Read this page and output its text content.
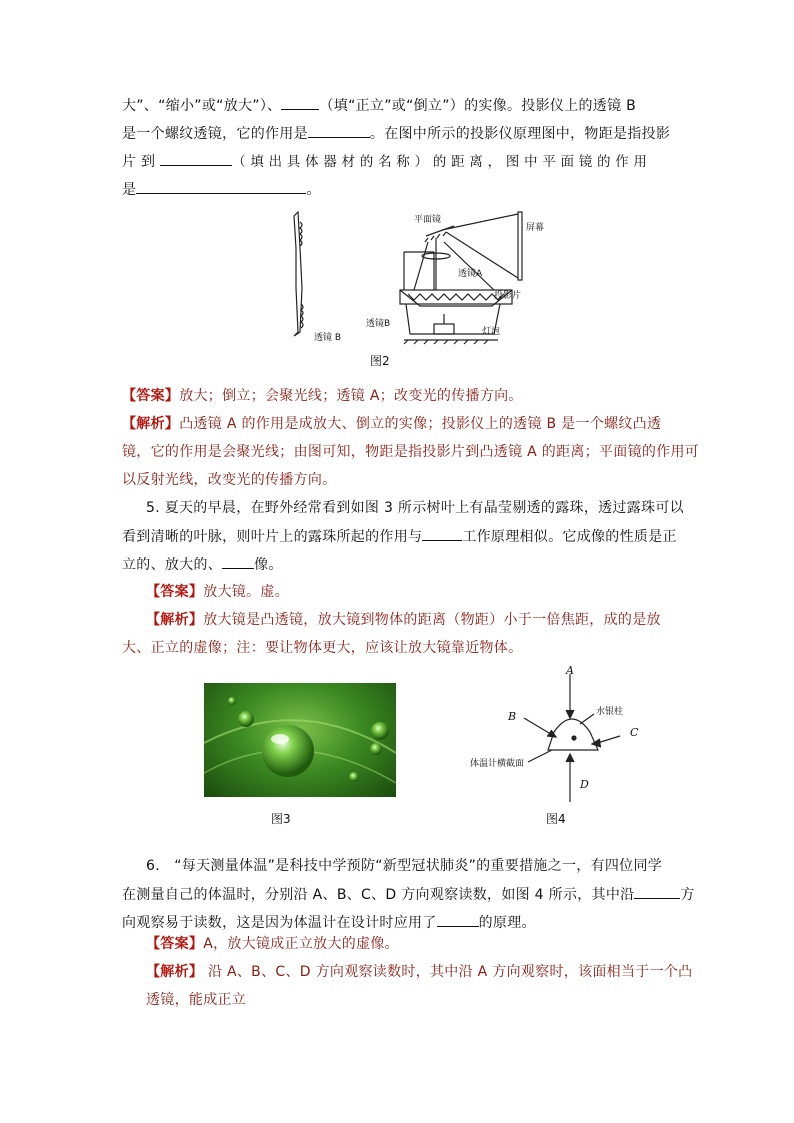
大”、“缩小”或“放大”）、	（填“正立”或“倒立”）的实像。投影仪上的透镜 B
是一个螺纹透镜，它的作用是	。在图中所示的投影仪原理图中，物距是指投影
片 到	（ 填 出 具 体 器 材 的 名 称 ） 的 距 离 ， 图 中 平 面 镜 的 作 用
是	。
透镜 B
平面镜
屏幕
透镜A
投影片
透镜B
灯泡
图2
【答案】放大；倒立；会聚光线；透镜 A；改变光的传播方向。
【解析】凸透镜 A 的作用是成放大、倒立的实像；投影仪上的透镜 B 是一个螺纹凸透
镜，它的作用是会聚光线；由图可知，物距是指投影片到凸透镜 A 的距离；平面镜的作用可
以反射光线，改变光的传播方向。
5. 夏天的早晨，在野外经常看到如图 3 所示树叶上有晶莹剔透的露珠，透过露珠可以
看到清晰的叶脉，则叶片上的露珠所起的作用与	工作原理相似。它成像的性质是正
立的、放大的、 像。
【答案】放大镜。虚。
【解析】放大镜是凸透镜，放大镜到物体的距离（物距）小于一倍焦距，成的是放
大、正立的虚像；注：要让物体更大，应该让放大镜靠近物体。
图3
A
B
C
D
水银柱
体温计横截面
图4
6． “每天测量体温”是科技中学预防“新型冠状肺炎”的重要措施之一，有四位同学
在测量自己的体温时，分别沿 A、B、C、D 方向观察读数，如图 4 所示，其中沿	方
向观察易于读数，这是因为体温计在设计时应用了	的原理。
【答案】A，放大镜成正立放大的虚像。
【解析】 沿 A、B、C、D 方向观察读数时，其中沿 A 方向观察时，该面相当于一个凸
透镜，能成正立
